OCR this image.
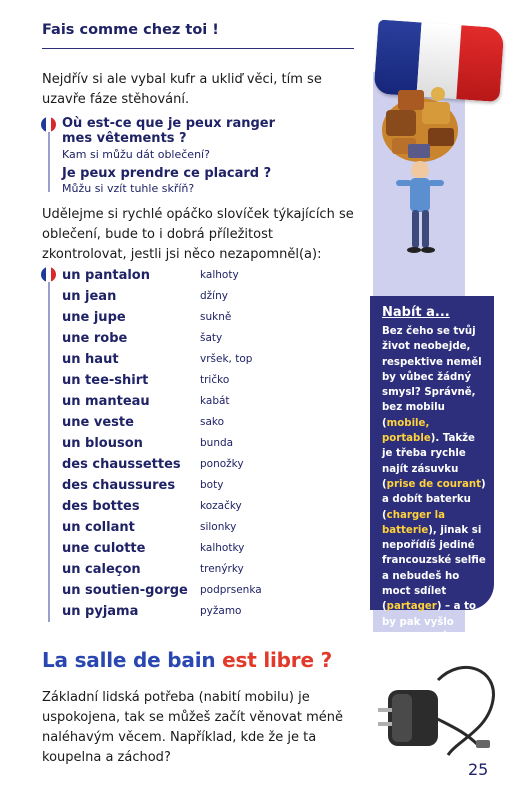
Fais comme chez toi !
Nejdřív si ale vybal kufr a ukliď věci, tím se uzavře fáze stěhování.
Où est-ce que je peux ranger mes vêtements ?
Kam si můžu dát oblečení?
Je peux prendre ce placard ?
Můžu si vzít tuhle skříň?
Udělejme si rychlé opáčko slovíček týkajících se oblečení, bude to i dobrá příležitost zkontrolovat, jestli jsi něco nezapomněl(a):
un pantalon	kalhoty
un jean	džíny
une jupe	sukně
une robe	šaty
un haut	vršek, top
un tee-shirt	tričko
un manteau	kabát
une veste	sako
un blouson	bunda
des chaussettes ponožky
des chaussures boty
des bottes	kozačky
un collant	silonky
une culotte	kalhotky
un caleçon	trenýrky
un soutien-gorge podprsenka
un pyjama	pyžamo
Nabít a...
Bez čeho se tvůj život neobejde, respektive neměl by vůbec žádný smysl? Správně, bez mobilu (mobile, portable). Takže je třeba rychle najít zásuvku (prise de courant) a dobít baterku (charger la batterie), jinak si nepořídíš jediné francouzské selfie a nebudeš ho moct sdílet (partager) – a to by pak vyšlo nastejno zůstat doma!
La salle de bain est libre ?
Základní lidská potřeba (nabití mobilu) je uspokojena, tak se můžeš začít věnovat méně naléhavým věcem. Například, kde že je ta koupelna a záchod?
25
